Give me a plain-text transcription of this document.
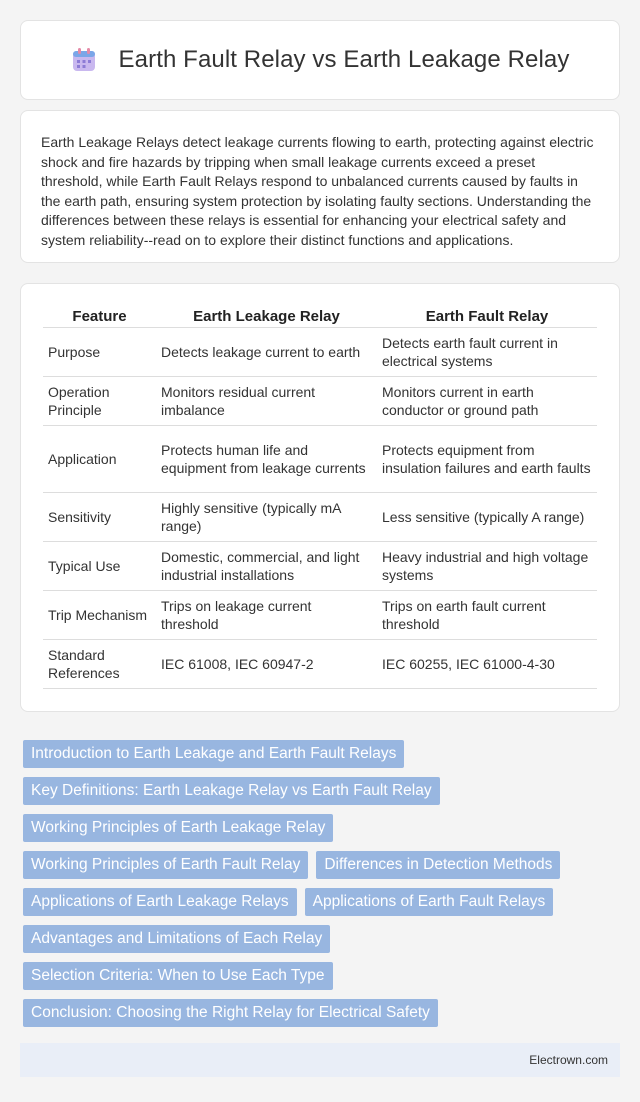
Earth Fault Relay vs Earth Leakage Relay

Earth Leakage Relays detect leakage currents flowing to earth, protecting against electric shock and fire hazards by tripping when small leakage currents exceed a preset threshold, while Earth Fault Relays respond to unbalanced currents caused by faults in the earth path, ensuring system protection by isolating faulty sections. Understanding the differences between these relays is essential for enhancing your electrical safety and system reliability--read on to explore their distinct functions and applications.

Feature	Earth Leakage Relay	Earth Fault Relay
Purpose	Detects leakage current to earth	Detects earth fault current in electrical systems
Operation Principle	Monitors residual current imbalance	Monitors current in earth conductor or ground path
Application	Protects human life and equipment from leakage currents	Protects equipment from insulation failures and earth faults
Sensitivity	Highly sensitive (typically mA range)	Less sensitive (typically A range)
Typical Use	Domestic, commercial, and light industrial installations	Heavy industrial and high voltage systems
Trip Mechanism	Trips on leakage current threshold	Trips on earth fault current threshold
Standard References	IEC 61008, IEC 60947-2	IEC 60255, IEC 61000-4-30
Introduction to Earth Leakage and Earth Fault Relays
Key Definitions: Earth Leakage Relay vs Earth Fault Relay
Working Principles of Earth Leakage Relay
Working Principles of Earth Fault Relay	Differences in Detection Methods
Applications of Earth Leakage Relays	Applications of Earth Fault Relays
Advantages and Limitations of Each Relay
Selection Criteria: When to Use Each Type
Conclusion: Choosing the Right Relay for Electrical Safety
Electrown.com
